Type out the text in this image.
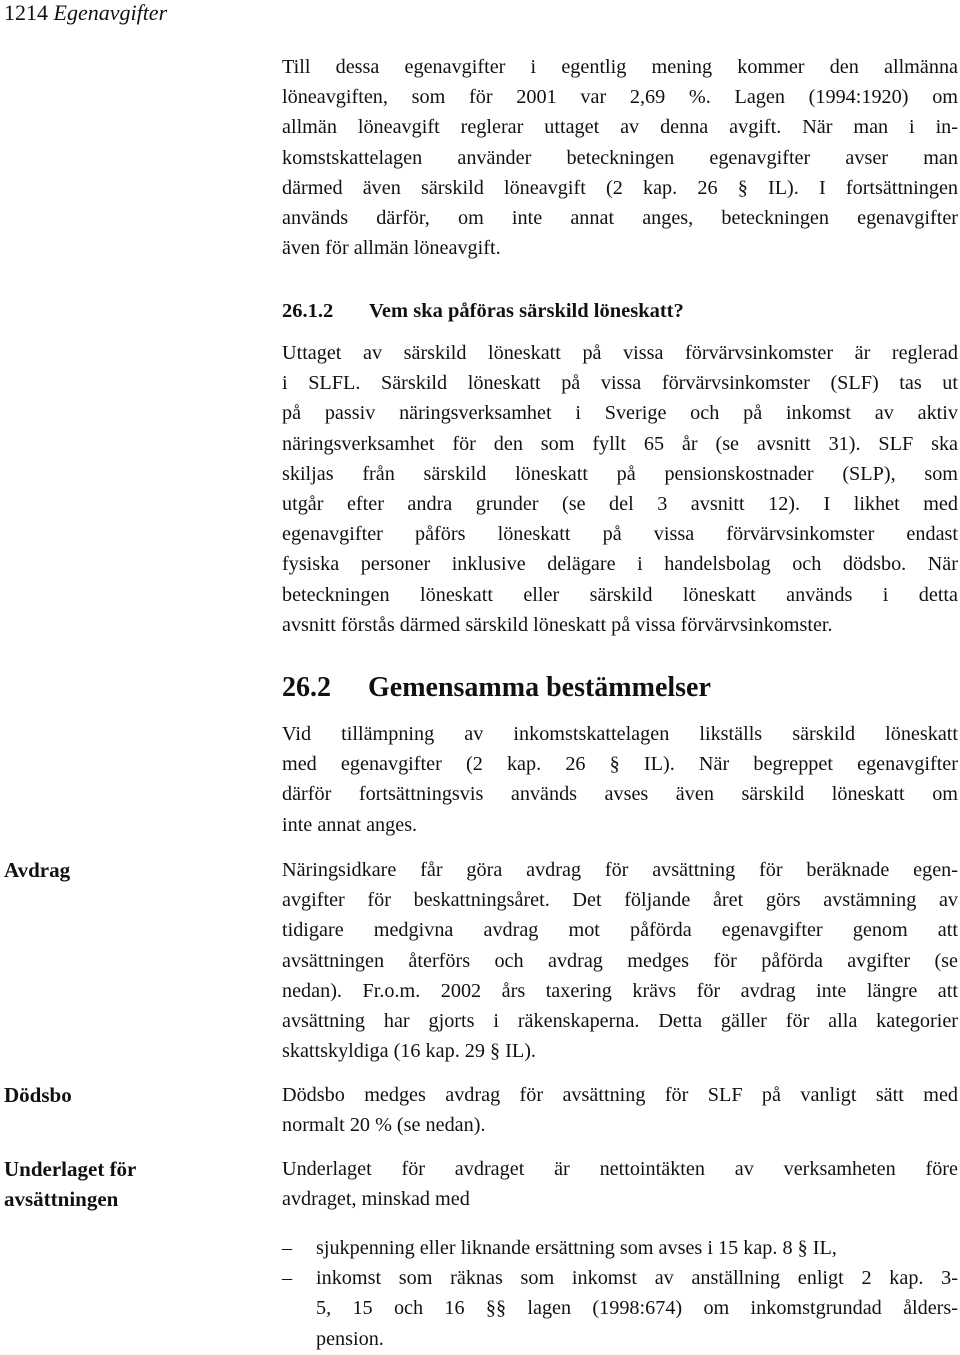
1214 Egenavgifter

Till dessa egenavgifter i egentlig mening kommer den allmänna
löneavgiften, som för 2001 var 2,69 %. Lagen (1994:1920) om
allmän löneavgift reglerar uttaget av denna avgift. När man i in-
komstskattelagen använder beteckningen egenavgifter avser man
därmed även särskild löneavgift (2 kap. 26 § IL). I fortsättningen
används därför, om inte annat anges, beteckningen egenavgifter
även för allmän löneavgift.

26.1.2 Vem ska påföras särskild löneskatt?

Uttaget av särskild löneskatt på vissa förvärvsinkomster är reglerad
i SLFL. Särskild löneskatt på vissa förvärvsinkomster (SLF) tas ut
på passiv näringsverksamhet i Sverige och på inkomst av aktiv
näringsverksamhet för den som fyllt 65 år (se avsnitt 31). SLF ska
skiljas från särskild löneskatt på pensionskostnader (SLP), som
utgår efter andra grunder (se del 3 avsnitt 12). I likhet med
egenavgifter påförs löneskatt på vissa förvärvsinkomster endast
fysiska personer inklusive delägare i handelsbolag och dödsbo. När
beteckningen löneskatt eller särskild löneskatt används i detta
avsnitt förstås därmed särskild löneskatt på vissa förvärvsinkomster.

26.2 Gemensamma bestämmelser

Vid tillämpning av inkomstskattelagen likställs särskild löneskatt
med egenavgifter (2 kap. 26 § IL). När begreppet egenavgifter
därför fortsättningsvis används avses även särskild löneskatt om
inte annat anges.

Avdrag	Näringsidkare får göra avdrag för avsättning för beräknade egen-
avgifter för beskattningsåret. Det följande året görs avstämning av
tidigare medgivna avdrag mot påförda egenavgifter genom att
avsättningen återförs och avdrag medges för påförda avgifter (se
nedan). Fr.o.m. 2002 års taxering krävs för avdrag inte längre att
avsättning har gjorts i räkenskaperna. Detta gäller för alla kategorier
skattskyldiga (16 kap. 29 § IL).

Dödsbo	Dödsbo medges avdrag för avsättning för SLF på vanligt sätt med
normalt 20 % (se nedan).

Underlaget för
avsättningen

Underlaget för avdraget är nettointäkten av verksamheten före
avdraget, minskad med

– sjukpenning eller liknande ersättning som avses i 15 kap. 8 § IL,
– inkomst som räknas som inkomst av anställning enligt 2 kap. 3-
5, 15 och 16 §§ lagen (1998:674) om inkomstgrundad ålders-
pension.
